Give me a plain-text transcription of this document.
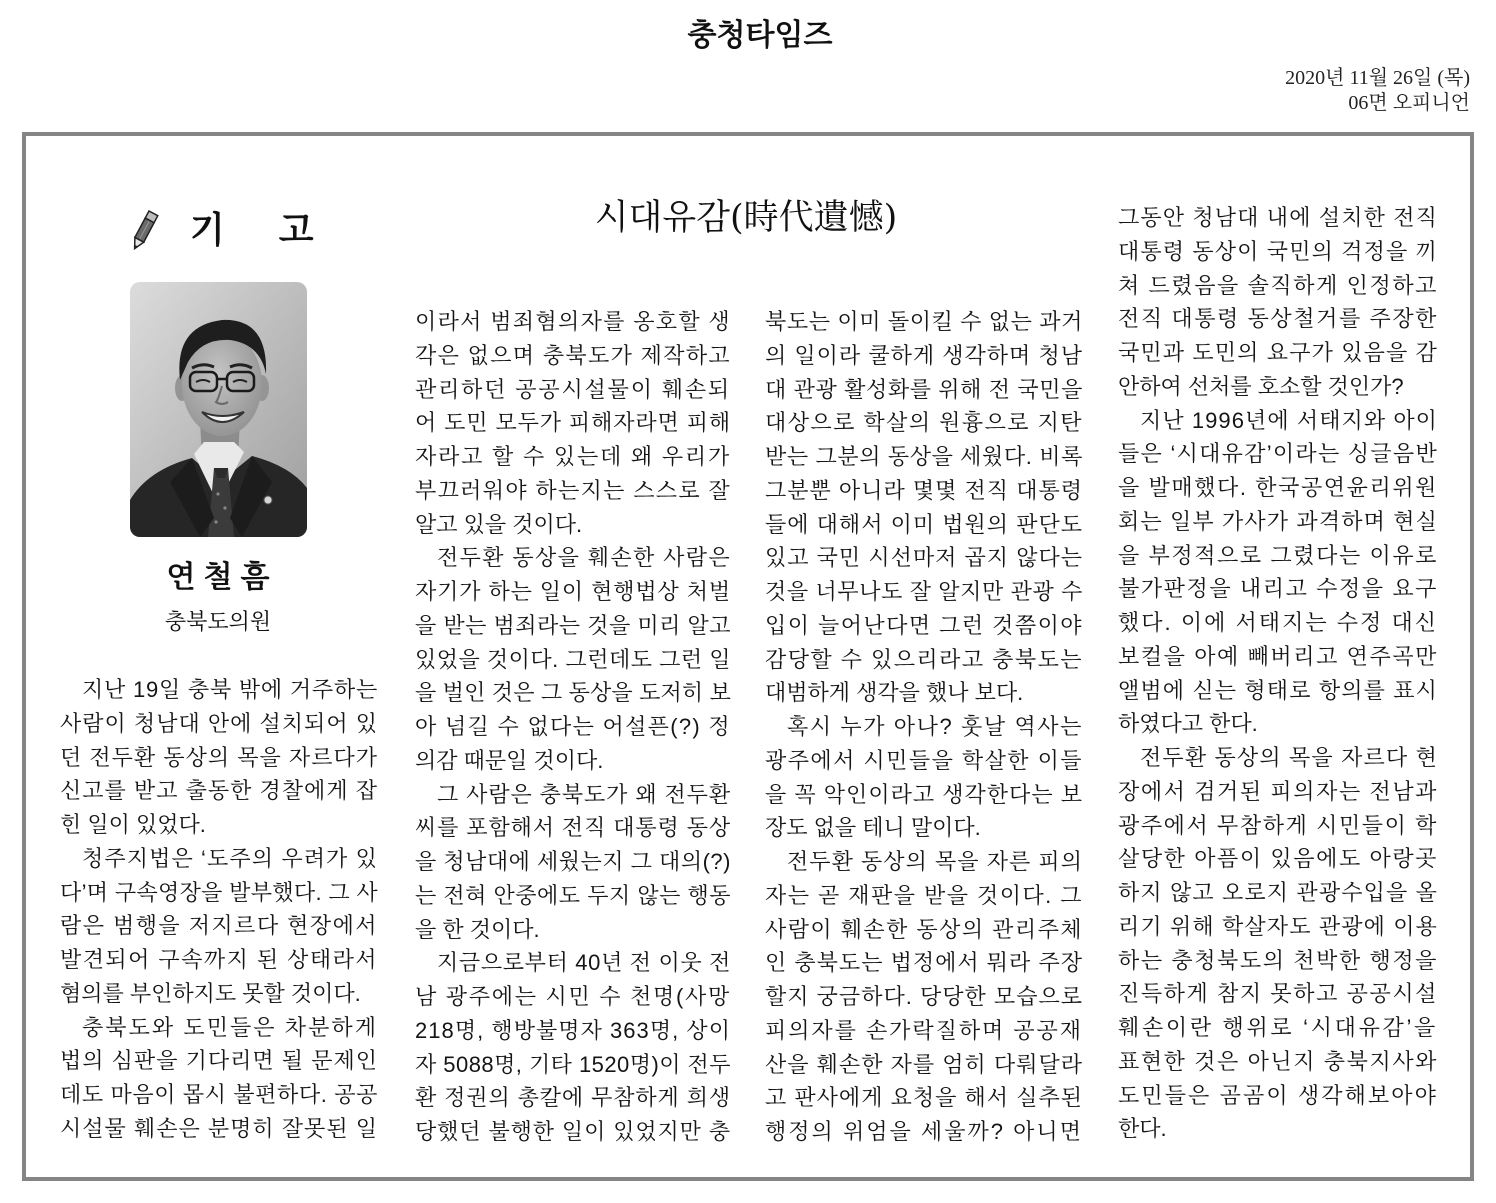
충청타임즈
2020년 11월 26일 (목)
06면 오피니언
기 고	시대유감(時代遺憾)
연철흠
충북도의원
지난 19일 충북 밖에 거주하는
사람이 청남대 안에 설치되어 있
던 전두환 동상의 목을 자르다가
신고를 받고 출동한 경찰에게 잡
힌 일이 있었다.
청주지법은 ‘도주의 우려가 있
다’며 구속영장을 발부했다. 그 사
람은 범행을 저지르다 현장에서
발견되어 구속까지 된 상태라서
혐의를 부인하지도 못할 것이다.
충북도와 도민들은 차분하게
법의 심판을 기다리면 될 문제인
데도 마음이 몹시 불편하다. 공공
시설물 훼손은 분명히 잘못된 일
이라서 범죄혐의자를 옹호할 생
각은 없으며 충북도가 제작하고
관리하던 공공시설물이 훼손되
어 도민 모두가 피해자라면 피해
자라고 할 수 있는데 왜 우리가
부끄러워야 하는지는 스스로 잘
알고 있을 것이다.
전두환 동상을 훼손한 사람은
자기가 하는 일이 현행법상 처벌
을 받는 범죄라는 것을 미리 알고
있었을 것이다. 그런데도 그런 일
을 벌인 것은 그 동상을 도저히 보
아 넘길 수 없다는 어설픈(?) 정
의감 때문일 것이다.
그 사람은 충북도가 왜 전두환
씨를 포함해서 전직 대통령 동상
을 청남대에 세웠는지 그 대의(?)
는 전혀 안중에도 두지 않는 행동
을 한 것이다.
지금으로부터 40년 전 이웃 전
남 광주에는 시민 수 천명(사망
218명, 행방불명자 363명, 상이
자 5088명, 기타 1520명)이 전두
환 정권의 총칼에 무참하게 희생
당했던 불행한 일이 있었지만 충
북도는 이미 돌이킬 수 없는 과거
의 일이라 쿨하게 생각하며 청남
대 관광 활성화를 위해 전 국민을
대상으로 학살의 원흉으로 지탄
받는 그분의 동상을 세웠다. 비록
그분뿐 아니라 몇몇 전직 대통령
들에 대해서 이미 법원의 판단도
있고 국민 시선마저 곱지 않다는
것을 너무나도 잘 알지만 관광 수
입이 늘어난다면 그런 것쯤이야
감당할 수 있으리라고 충북도는
대범하게 생각을 했나 보다.
혹시 누가 아나? 훗날 역사는
광주에서 시민들을 학살한 이들
을 꼭 악인이라고 생각한다는 보
장도 없을 테니 말이다.
전두환 동상의 목을 자른 피의
자는 곧 재판을 받을 것이다. 그
사람이 훼손한 동상의 관리주체
인 충북도는 법정에서 뭐라 주장
할지 궁금하다. 당당한 모습으로
피의자를 손가락질하며 공공재
산을 훼손한 자를 엄히 다뤄달라
고 판사에게 요청을 해서 실추된
행정의 위엄을 세울까? 아니면
그동안 청남대 내에 설치한 전직
대통령 동상이 국민의 걱정을 끼
쳐 드렸음을 솔직하게 인정하고
전직 대통령 동상철거를 주장한
국민과 도민의 요구가 있음을 감
안하여 선처를 호소할 것인가?
지난 1996년에 서태지와 아이
들은 ‘시대유감’이라는 싱글음반
을 발매했다. 한국공연윤리위원
회는 일부 가사가 과격하며 현실
을 부정적으로 그렸다는 이유로
불가판정을 내리고 수정을 요구
했다. 이에 서태지는 수정 대신
보컬을 아예 빼버리고 연주곡만
앨범에 싣는 형태로 항의를 표시
하였다고 한다.
전두환 동상의 목을 자르다 현
장에서 검거된 피의자는 전남과
광주에서 무참하게 시민들이 학
살당한 아픔이 있음에도 아랑곳
하지 않고 오로지 관광수입을 올
리기 위해 학살자도 관광에 이용
하는 충청북도의 천박한 행정을
진득하게 참지 못하고 공공시설
훼손이란 행위로 ‘시대유감’을
표현한 것은 아닌지 충북지사와
도민들은 곰곰이 생각해보아야
한다.
